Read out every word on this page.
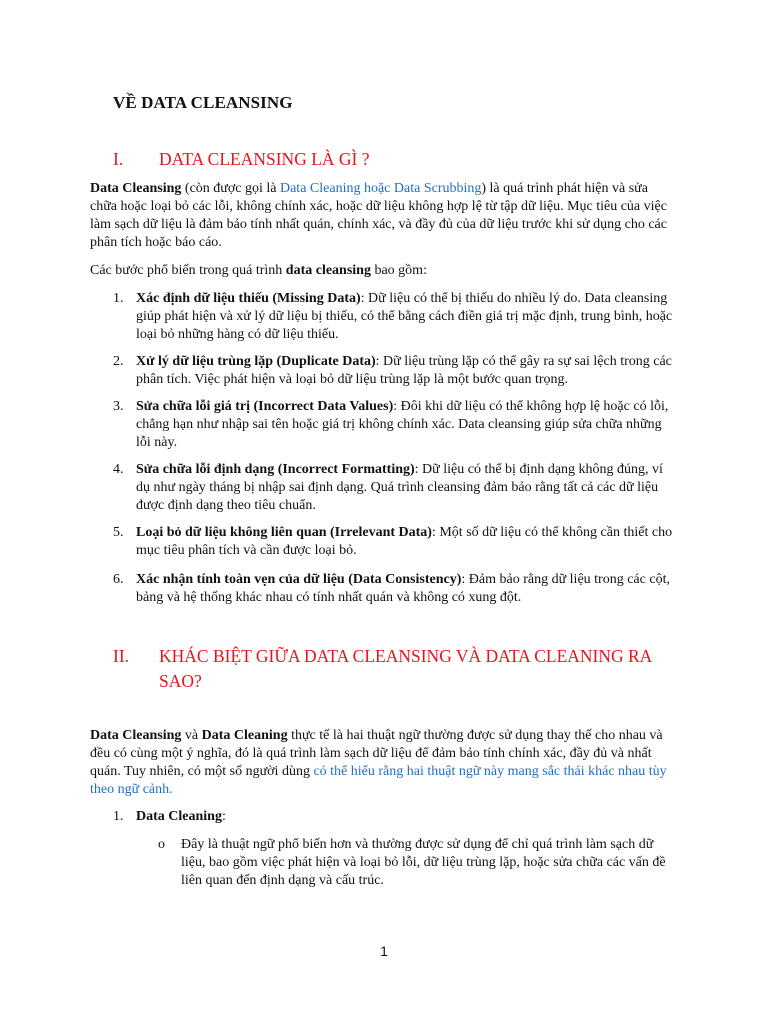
VỀ DATA CLEANSING
I. DATA CLEANSING LÀ GÌ ?
Data Cleansing (còn được gọi là Data Cleaning hoặc Data Scrubbing) là quá trình phát hiện và sửa chữa hoặc loại bỏ các lỗi, không chính xác, hoặc dữ liệu không hợp lệ từ tập dữ liệu. Mục tiêu của việc làm sạch dữ liệu là đảm bảo tính nhất quán, chính xác, và đầy đủ của dữ liệu trước khi sử dụng cho các phân tích hoặc báo cáo.
Các bước phổ biến trong quá trình data cleansing bao gồm:
1. Xác định dữ liệu thiếu (Missing Data): Dữ liệu có thể bị thiếu do nhiều lý do. Data cleansing giúp phát hiện và xử lý dữ liệu bị thiếu, có thể bằng cách điền giá trị mặc định, trung bình, hoặc loại bỏ những hàng có dữ liệu thiếu.
2. Xử lý dữ liệu trùng lặp (Duplicate Data): Dữ liệu trùng lặp có thể gây ra sự sai lệch trong các phân tích. Việc phát hiện và loại bỏ dữ liệu trùng lặp là một bước quan trọng.
3. Sửa chữa lỗi giá trị (Incorrect Data Values): Đôi khi dữ liệu có thể không hợp lệ hoặc có lỗi, chẳng hạn như nhập sai tên hoặc giá trị không chính xác. Data cleansing giúp sửa chữa những lỗi này.
4. Sửa chữa lỗi định dạng (Incorrect Formatting): Dữ liệu có thể bị định dạng không đúng, ví dụ như ngày tháng bị nhập sai định dạng. Quá trình cleansing đảm bảo rằng tất cả các dữ liệu được định dạng theo tiêu chuẩn.
5. Loại bỏ dữ liệu không liên quan (Irrelevant Data): Một số dữ liệu có thể không cần thiết cho mục tiêu phân tích và cần được loại bỏ.
6. Xác nhận tính toàn vẹn của dữ liệu (Data Consistency): Đảm bảo rằng dữ liệu trong các cột, bảng và hệ thống khác nhau có tính nhất quán và không có xung đột.
II. KHÁC BIỆT GIỮA DATA CLEANSING VÀ DATA CLEANING RA SAO?
Data Cleansing và Data Cleaning thực tế là hai thuật ngữ thường được sử dụng thay thế cho nhau và đều có cùng một ý nghĩa, đó là quá trình làm sạch dữ liệu để đảm bảo tính chính xác, đầy đủ và nhất quán. Tuy nhiên, có một số người dùng có thể hiểu rằng hai thuật ngữ này mang sắc thái khác nhau tùy theo ngữ cảnh.
1. Data Cleaning:
o Đây là thuật ngữ phổ biến hơn và thường được sử dụng để chỉ quá trình làm sạch dữ liệu, bao gồm việc phát hiện và loại bỏ lỗi, dữ liệu trùng lặp, hoặc sửa chữa các vấn đề liên quan đến định dạng và cấu trúc.
1
